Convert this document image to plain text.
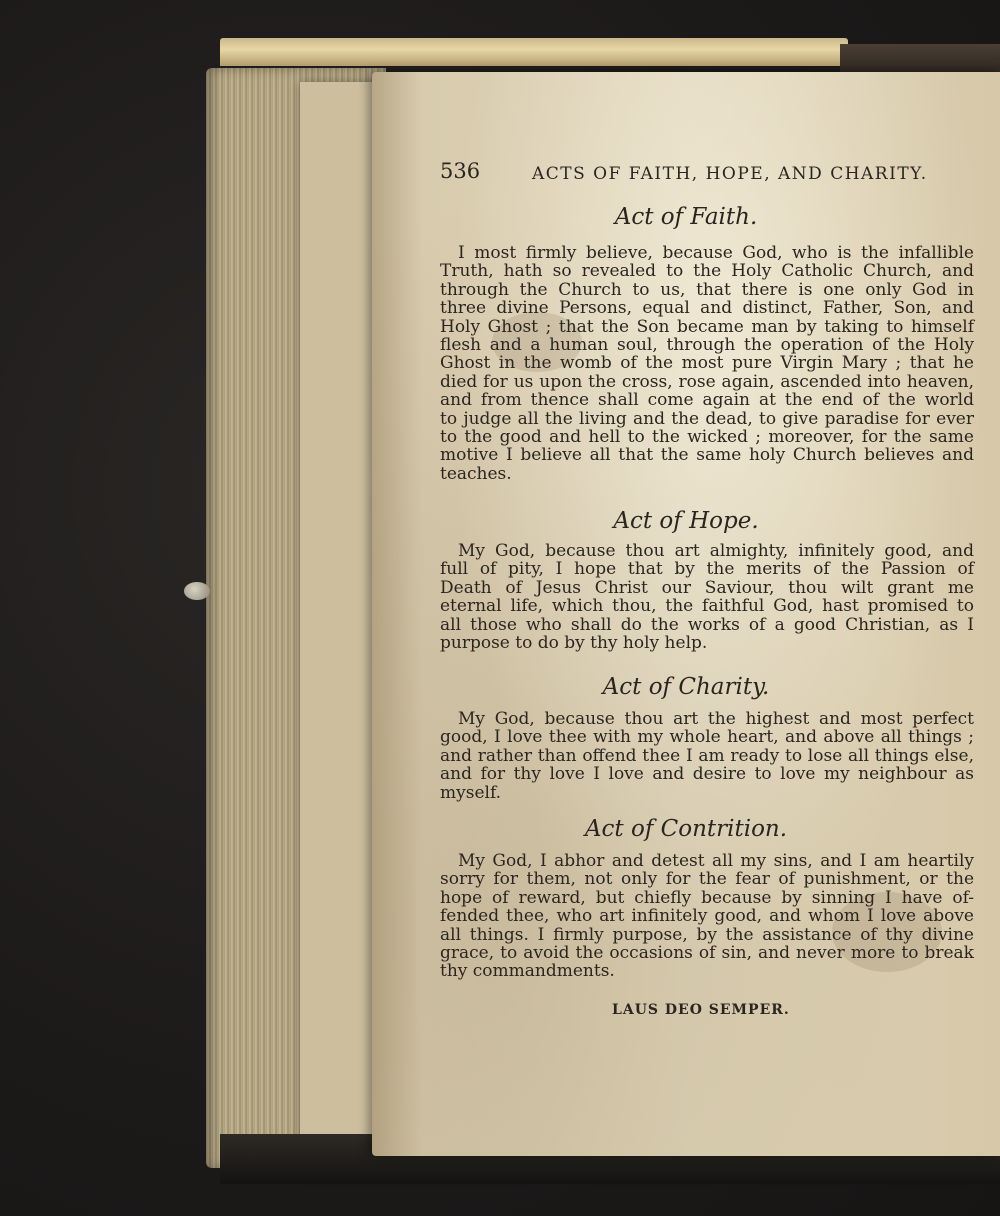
536	ACTS OF FAITH, HOPE, AND CHARITY.
Act of Faith.
I most firmly believe, because God, who is the infallible
Truth, hath so revealed to the Holy Catholic Church, and
through the Church to us, that there is one only God in
three divine Persons, equal and distinct, Father, Son, and
Holy Ghost ; that the Son became man by taking to himself
flesh and a human soul, through the operation of the Holy
Ghost in the womb of the most pure Virgin Mary ; that he
died for us upon the cross, rose again, ascended into heaven,
and from thence shall come again at the end of the world
to judge all the living and the dead, to give paradise for ever
to the good and hell to the wicked ; moreover, for the same
motive I believe all that the same holy Church believes and
teaches.
Act of Hope.
My God, because thou art almighty, infinitely good, and
full of pity, I hope that by the merits of the Passion of
Death of Jesus Christ our Saviour, thou wilt grant me
eternal life, which thou, the faithful God, hast promised to
all those who shall do the works of a good Christian, as I
purpose to do by thy holy help.
Act of Charity.
My God, because thou art the highest and most perfect
good, I love thee with my whole heart, and above all things ;
and rather than offend thee I am ready to lose all things else,
and for thy love I love and desire to love my neighbour as
myself.
Act of Contrition.
My God, I abhor and detest all my sins, and I am heartily
sorry for them, not only for the fear of punishment, or the
hope of reward, but chiefly because by sinning I have of-
fended thee, who art infinitely good, and whom I love above
all things. I firmly purpose, by the assistance of thy divine
grace, to avoid the occasions of sin, and never more to break
thy commandments.
LAUS DEO SEMPER.
